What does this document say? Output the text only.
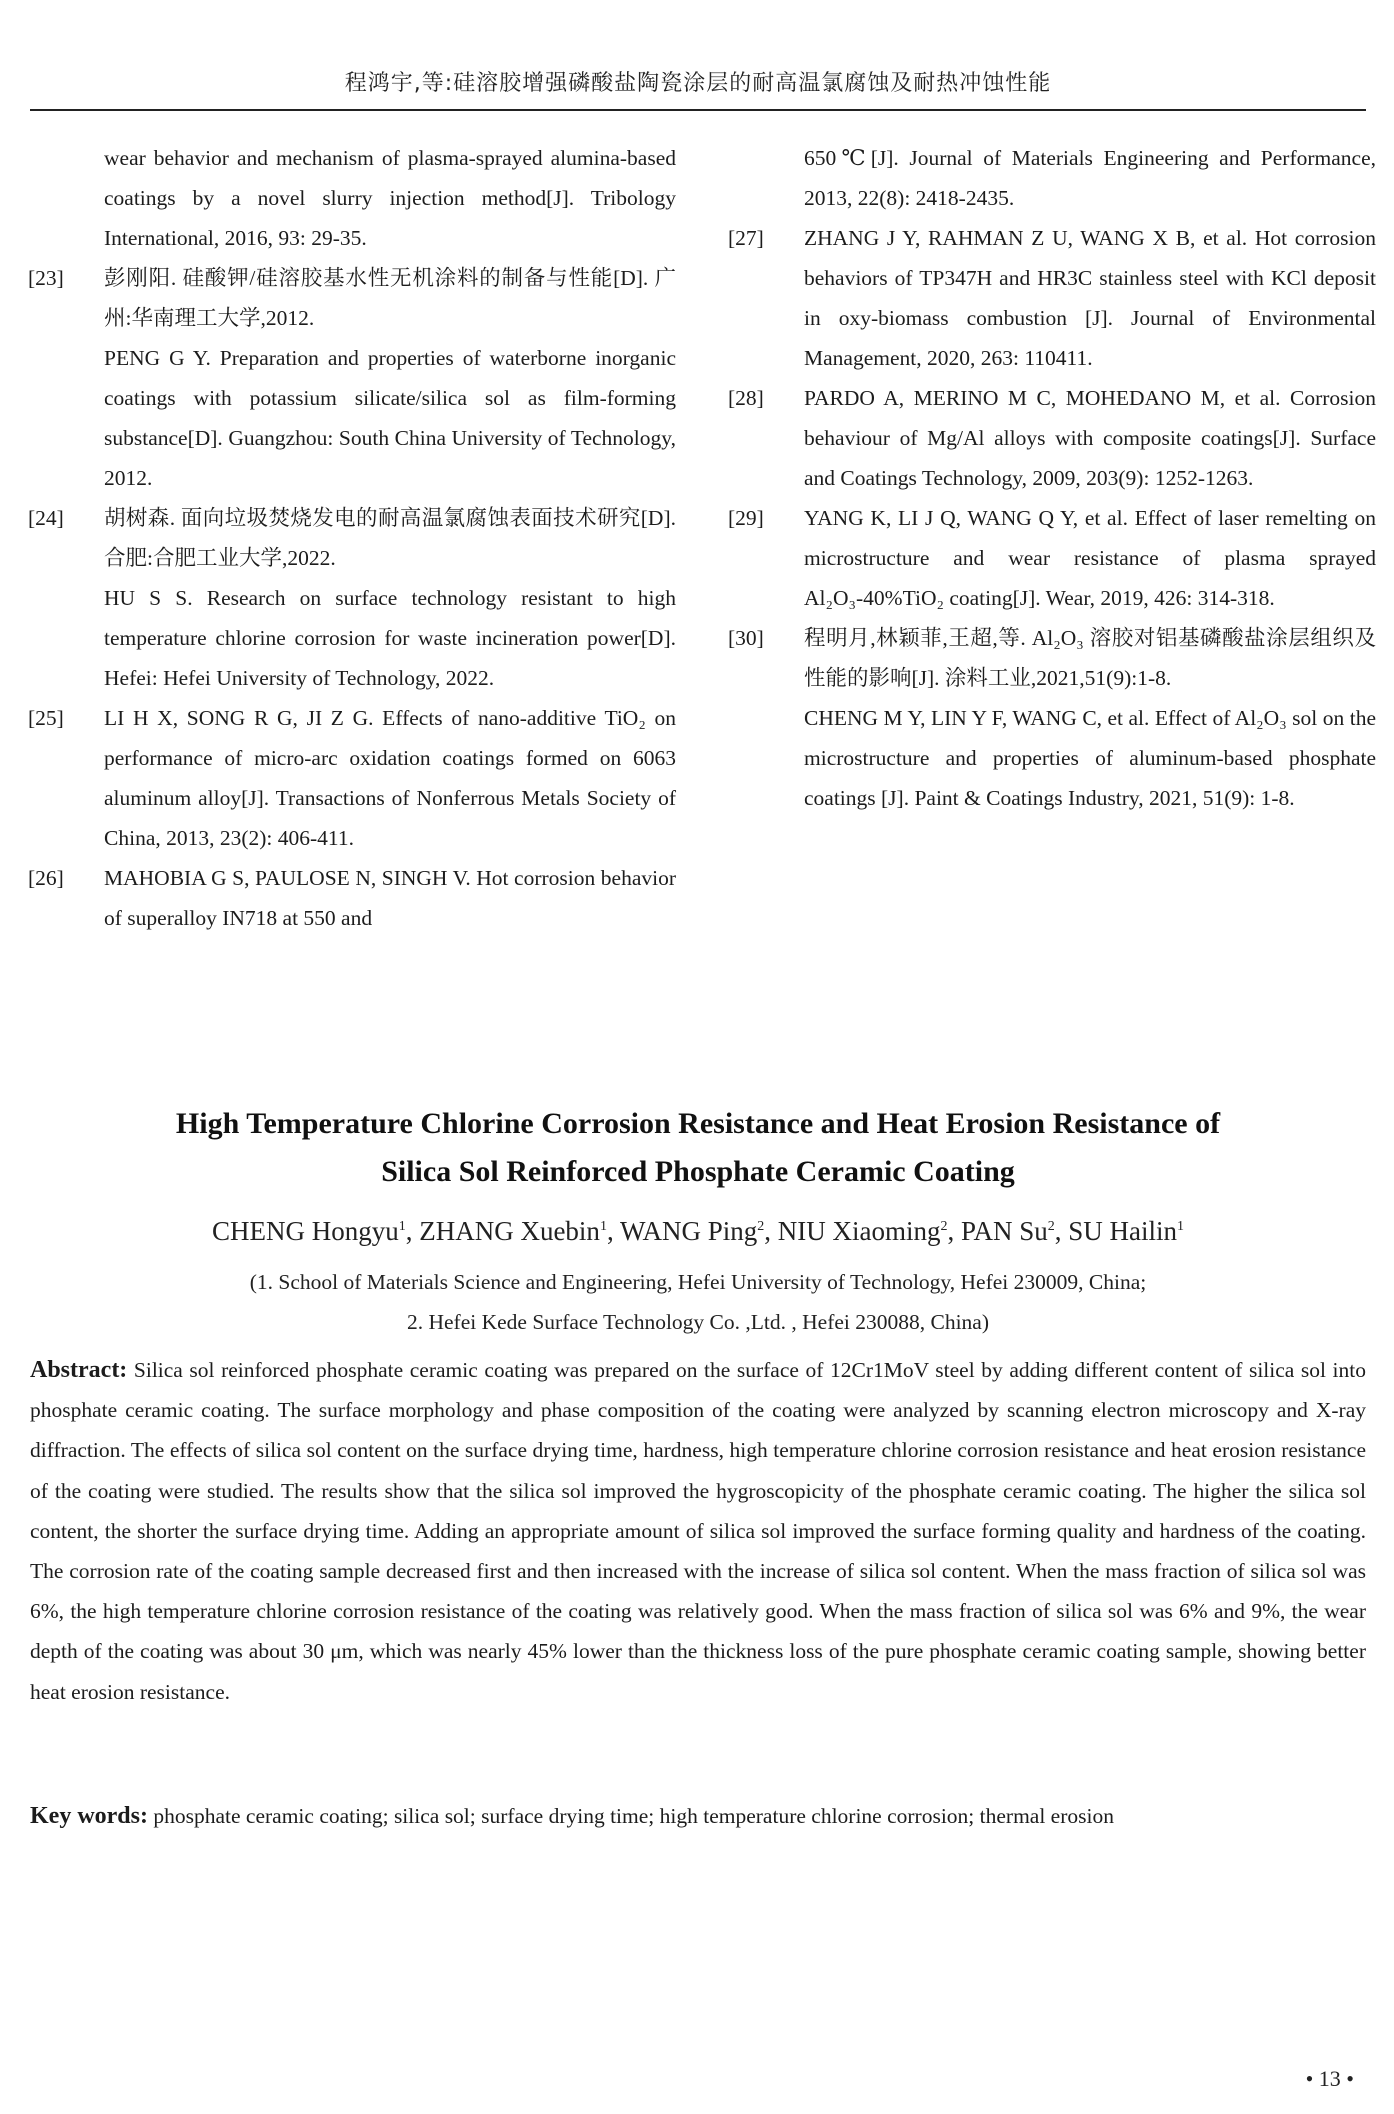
程鸿宇,等:硅溶胶增强磷酸盐陶瓷涂层的耐高温氯腐蚀及耐热冲蚀性能
wear behavior and mechanism of plasma-sprayed alumina-based coatings by a novel slurry injection method[J]. Tribology International, 2016, 93: 29-35.
[23] 彭刚阳. 硅酸钾/硅溶胶基水性无机涂料的制备与性能[D]. 广州:华南理工大学,2012.

PENG G Y. Preparation and properties of waterborne inorganic coatings with potassium silicate/silica sol as film-forming substance[D]. Guangzhou: South China University of Technology, 2012.

[24] 胡树森. 面向垃圾焚烧发电的耐高温氯腐蚀表面技术研究[D]. 合肥:合肥工业大学,2022.

HU S S. Research on surface technology resistant to high temperature chlorine corrosion for waste incineration power[D]. Hefei: Hefei University of Technology, 2022.

[25] LI H X, SONG R G, JI Z G. Effects of nano-additive TiO₂ on performance of micro-arc oxidation coatings formed on 6063 aluminum alloy[J]. Transactions of Nonferrous Metals Society of China, 2013, 23(2): 406-411.

[26] MAHOBIA G S, PAULOSE N, SINGH V. Hot corrosion behavior of superalloy IN718 at 550 and

650℃[J]. Journal of Materials Engineering and Performance, 2013, 22(8): 2418-2435.
[27] ZHANG J Y, RAHMAN Z U, WANG X B, et al. Hot corrosion behaviors of TP347H and HR3C stainless steel with KCl deposit in oxy-biomass combustion [J]. Journal of Environmental Management, 2020, 263: 110411.

[28] PARDO A, MERINO M C, MOHEDANO M, et al. Corrosion behaviour of Mg/Al alloys with composite coatings[J]. Surface and Coatings Technology, 2009, 203(9): 1252-1263.

[29] YANG K, LI J Q, WANG Q Y, et al. Effect of laser remelting on microstructure and wear resistance of plasma sprayed Al₂O₃-40%TiO₂ coating[J]. Wear, 2019, 426: 314-318.

[30] 程明月,林颖菲,王超,等. Al₂O₃ 溶胶对铝基磷酸盐涂层组织及性能的影响[J]. 涂料工业,2021,51(9):1-8.

CHENG M Y, LIN Y F, WANG C, et al. Effect of Al₂O₃ sol on the microstructure and properties of aluminum-based phosphate coatings [J]. Paint & Coatings Industry, 2021, 51(9): 1-8.

High Temperature Chlorine Corrosion Resistance and Heat Erosion Resistance of
Silica Sol Reinforced Phosphate Ceramic Coating
CHENG Hongyu$^1$, ZHANG Xuebin$^1$, WANG Ping$^2$, NIU Xiaoming$^2$, PAN Su$^2$, SU Hailin$^1$
(1. School of Materials Science and Engineering, Hefei University of Technology, Hefei 230009, China;
2. Hefei Kede Surface Technology Co. ,Ltd. , Hefei 230088, China)

Abstract: Silica sol reinforced phosphate ceramic coating was prepared on the surface of 12Cr1MoV steel by adding different content of silica sol into phosphate ceramic coating. The surface morphology and phase composition of the coating were analyzed by scanning electron microscopy and X-ray diffraction. The effects of silica sol content on the surface drying time, hardness, high temperature chlorine corrosion resistance and heat erosion resistance of the coating were studied. The results show that the silica sol improved the hygroscopicity of the phosphate ceramic coating. The higher the silica sol content, the shorter the surface drying time. Adding an appropriate amount of silica sol improved the surface forming quality and hardness of the coating. The corrosion rate of the coating sample decreased first and then increased with the increase of silica sol content. When the mass fraction of silica sol was 6%, the high temperature chlorine corrosion resistance of the coating was relatively good. When the mass fraction of silica sol was 6% and 9%, the wear depth of the coating was about 30 μm, which was nearly 45% lower than the thickness loss of the pure phosphate ceramic coating sample, showing better heat erosion resistance.

Key words: phosphate ceramic coating; silica sol; surface drying time; high temperature chlorine corrosion; thermal erosion

• 13 •
